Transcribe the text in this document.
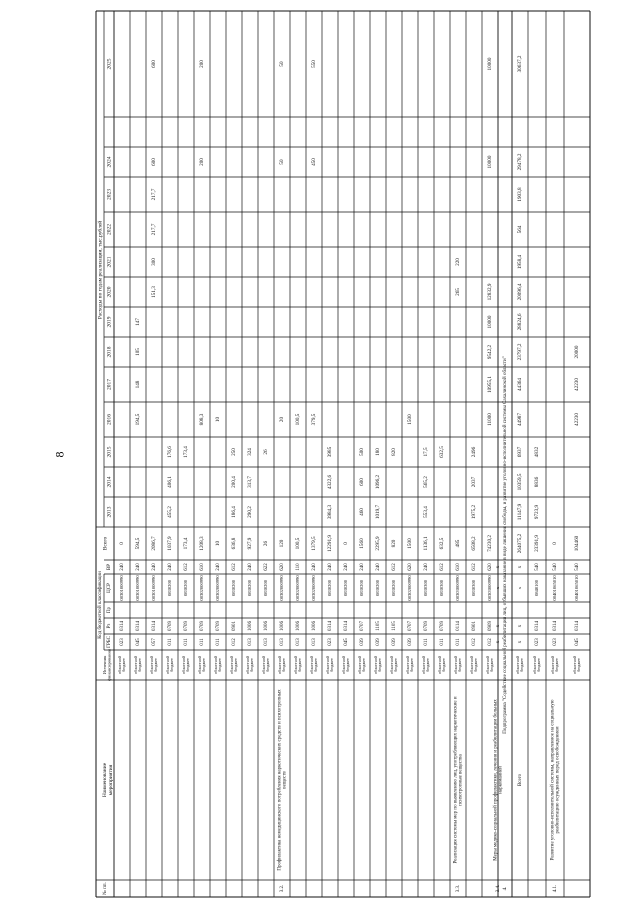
8
№ пп.
Наименованиемероприятия
Источникфинансирования
Код бюджетной классификации
ГРБС
Рз
Пр
ЦСР
ВР
Всего
Расходы по годам реализации, тыс.рублей
2013
2014
2015
2016
2017
2018
2019
2020
2021
2022
2023
2024
2025
областнойбюджет
023
0314
08301000990
240
0
областнойбюджет
045
0314
08301000990
240
594,5
194,5
148
105
147
областнойбюджет
057
0314
08301000990
240
2086,7
151,3
300
217,7
217,7
600
600
областнойбюджет
011
0709
0830200
240
1037,9
455,2
406,1
176,6
областнойбюджет
011
0709
0830200
612
173,4
173,4
областнойбюджет
011
0709
08302000990
610
1208,3
808,3
200
200
областнойбюджет
011
0709
08302000990
240
10
10
областнойбюджет
012
0901
0830200
612
636,8
186,4
200,4
250
областнойбюджет
013
1006
0830200
240
927,9
290,2
313,7
324
областнойбюджет
013
1006
0830200
622
26
26
3.2.
Профилактика немедицинского потребления наркотических средств и психотропныхвеществ
областнойбюджет
013
1006
08302000990
620
120
20
50
50
областнойбюджет
013
1006
08302000990
110
100,5
100,5
областнойбюджет
013
1006
08302000990
240
1379,5
379,5
450
550
областнойбюджет
023
0314
0830200
240
12291,9
3984,3
4322,6
3985
областнойбюджет
045
0314
0830200
240
0
областнойбюджет
039
0707
0830200
240
1560
460
600
500
областнойбюджет
039
1105
0830200
240
2295,9
1019,7
1096,2
180
областнойбюджет
039
1105
0830200
612
820
820
областнойбюджет
039
0707
08302000990
620
1500
1500
областнойбюджет
011
0709
0830300
240
1136,1
553,4
565,2
17,5
областнойбюджет
011
0709
0830300
612
632,5
632,5
3.3.
Реализация системы мер по выявлению лиц, употребляющих наркотические ипсихотропные вещества
областнойбюджет
011
0114
08303000990
610
485
265
220
областнойбюджет
012
0901
0830300
612
6508,2
1975,2
2037
2496
областнойбюджет
012
0909
08303000990
620
74230,2
11000
10955,1
9542,2
10000
12832,9
10000
10000
3.4.
Меры медико-социальной профилактики, лечения и реабилитации больныхнаркоманией
x
x
x
x
4.
Подпрограмма "Содействие социальной реабилитации лиц, отбывших наказание в виде лишения свободы, и развитие уголовно-исполнительной системы Сахалинской области"
Всего
областнойбюджет
x
x
x
x
264075,2
11147,9
10359,5
6937
44987
44364
23797,2
28824,6
20096,4
1958,4
564
1903,8
29478,2
30637,2
областнойбюджет
023
0314
0840100
540
23391,9
9723,9
8836
4832
4.1.
Развитие уголовно-исполнительной системы, направленное на социальнуюреабилитацию осужденных перед освобождением
областнойбюджет
023
0314
08401065010
540
0
областнойбюджет
045
0314
08401065010
540
104460
42230
42230
20000
